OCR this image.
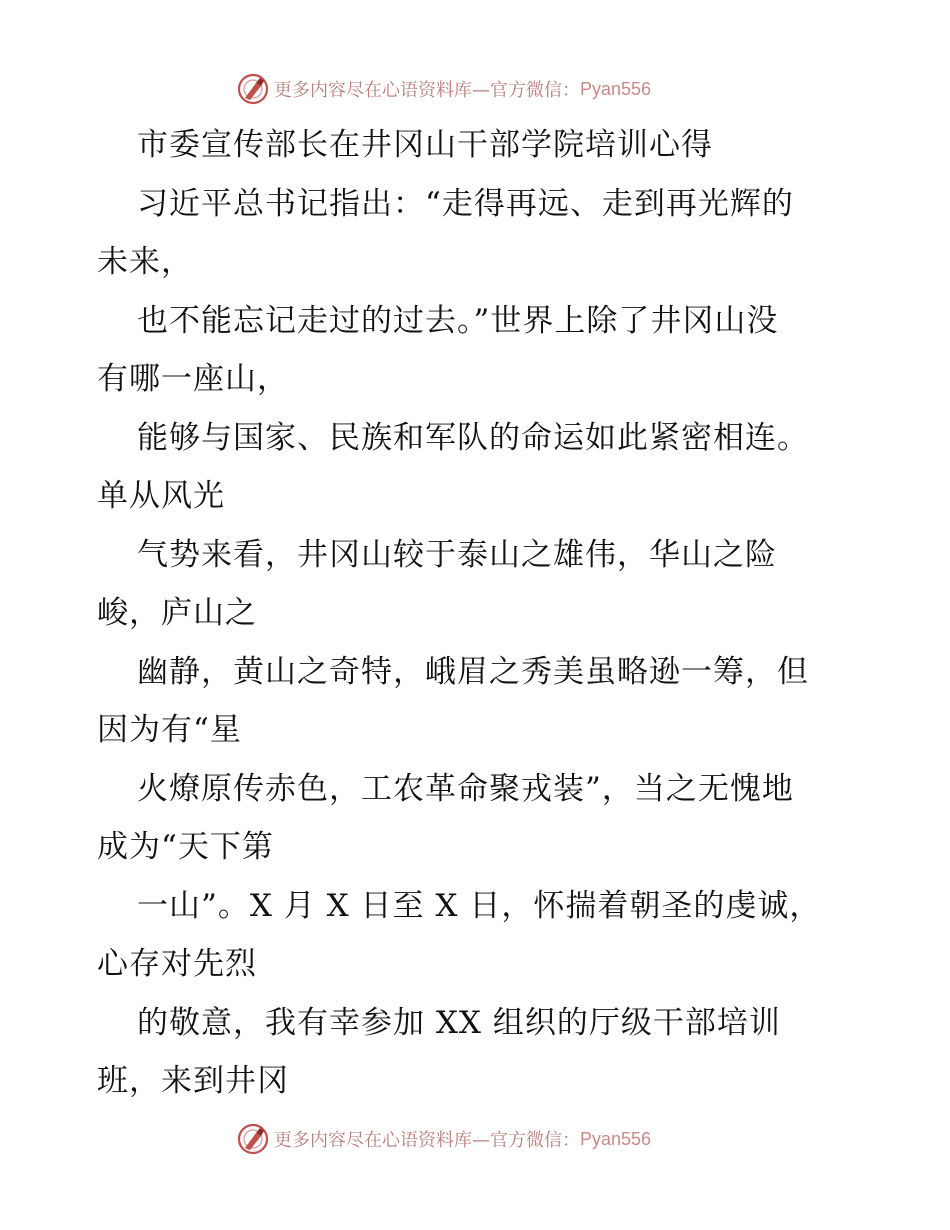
更多内容尽在心语资料库—官方微信： Pyan556
市委宣传部长在井冈山干部学院培训心得
习近平总书记指出：“走得再远、走到再光辉的
未来，
也不能忘记走过的过去。”世界上除了井冈山没
有哪一座山，
能够与国家、民族和军队的命运如此紧密相连。
单从风光
气势来看，井冈山较于泰山之雄伟，华山之险
峻，庐山之
幽静，黄山之奇特，峨眉之秀美虽略逊一筹，但
因为有“星
火燎原传赤色，工农革命聚戎装”，当之无愧地
成为“天下第
一山”。X 月 X 日至 X 日，怀揣着朝圣的虔诚，
心存对先烈
的敬意，我有幸参加 XX 组织的厅级干部培训
班，来到井冈
更多内容尽在心语资料库—官方微信： Pyan556
